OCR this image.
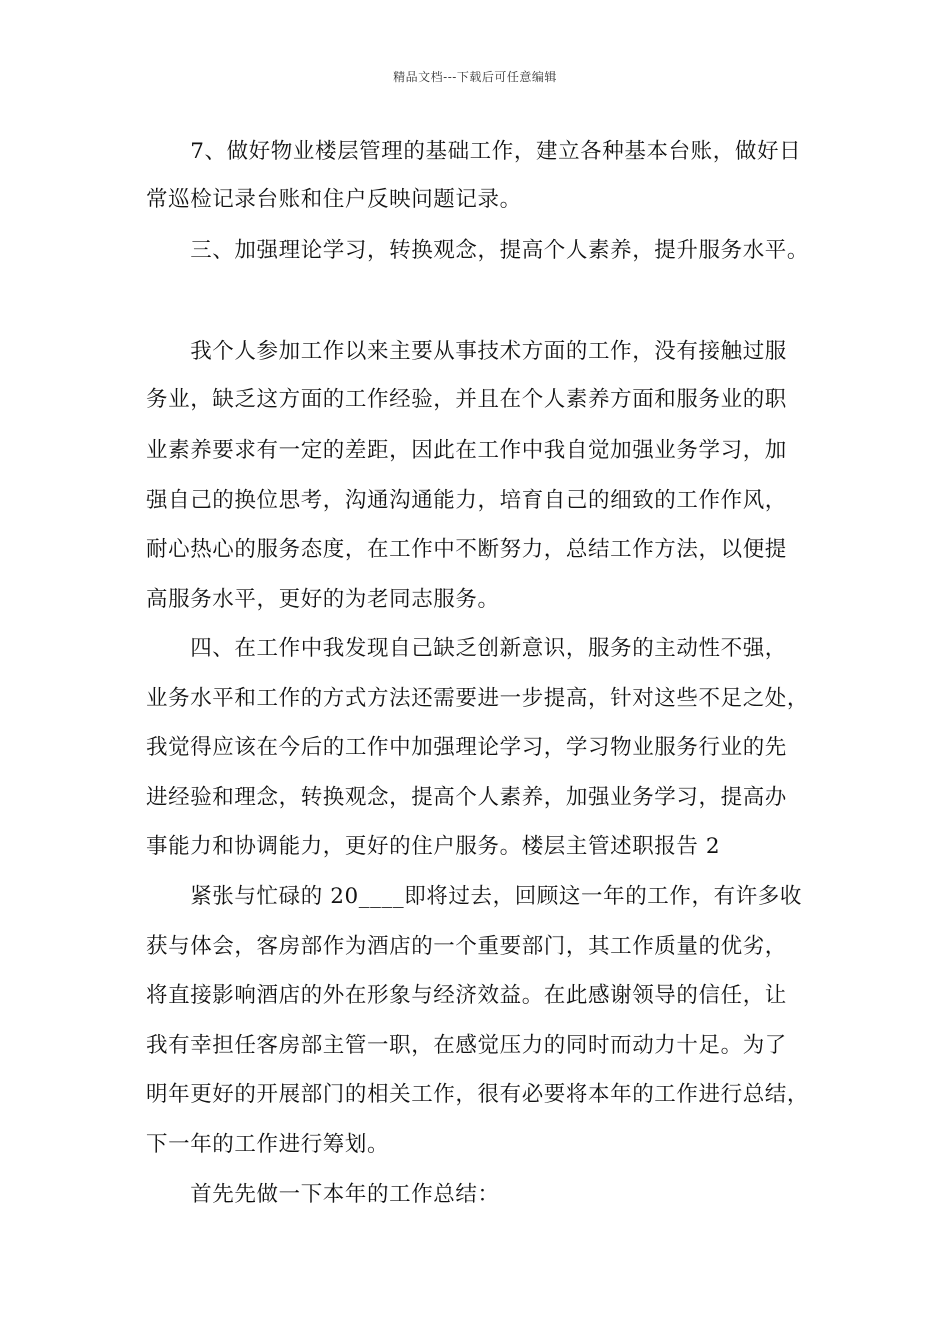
精品文档---下载后可任意编辑
　　7、做好物业楼层管理的基础工作，建立各种基本台账，做好日
常巡检记录台账和住户反映问题记录。
　　三、加强理论学习，转换观念，提高个人素养，提升服务水平。
　　我个人参加工作以来主要从事技术方面的工作，没有接触过服
务业，缺乏这方面的工作经验，并且在个人素养方面和服务业的职
业素养要求有一定的差距，因此在工作中我自觉加强业务学习，加
强自己的换位思考，沟通沟通能力，培育自己的细致的工作作风，
耐心热心的服务态度，在工作中不断努力，总结工作方法，以便提
高服务水平，更好的为老同志服务。
　　四、在工作中我发现自己缺乏创新意识，服务的主动性不强，
业务水平和工作的方式方法还需要进一步提高，针对这些不足之处，
我觉得应该在今后的工作中加强理论学习，学习物业服务行业的先
进经验和理念，转换观念，提高个人素养，加强业务学习，提高办
事能力和协调能力，更好的住户服务。楼层主管述职报告 2
　　紧张与忙碌的 20____即将过去，回顾这一年的工作，有许多收
获与体会，客房部作为酒店的一个重要部门，其工作质量的优劣，
将直接影响酒店的外在形象与经济效益。在此感谢领导的信任，让
我有幸担任客房部主管一职，在感觉压力的同时而动力十足。为了
明年更好的开展部门的相关工作，很有必要将本年的工作进行总结，
下一年的工作进行筹划。
　　首先先做一下本年的工作总结：
